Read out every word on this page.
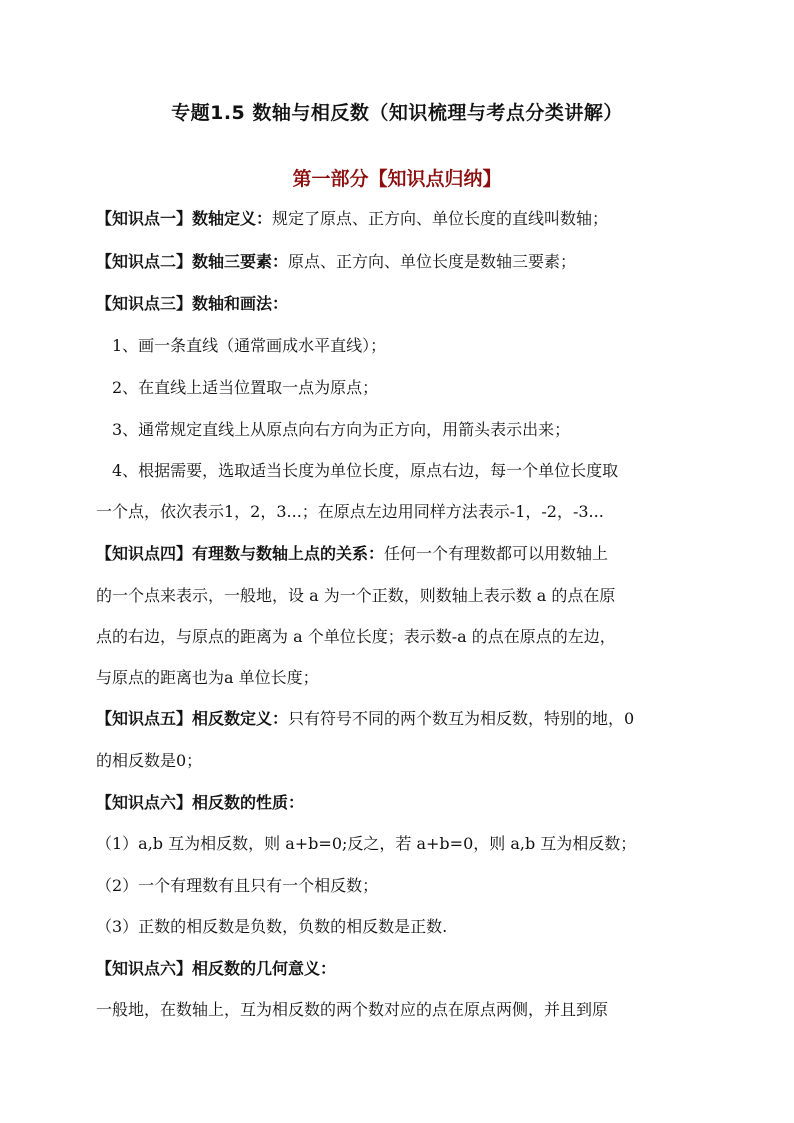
专题1.5 数轴与相反数（知识梳理与考点分类讲解）
第一部分【知识点归纳】
【知识点一】数轴定义：规定了原点、正方向、单位长度的直线叫数轴；
【知识点二】数轴三要素：原点、正方向、单位长度是数轴三要素；
【知识点三】数轴和画法：
1、画一条直线（通常画成水平直线）；
2、在直线上适当位置取一点为原点；
3、通常规定直线上从原点向右方向为正方向，用箭头表示出来；
4、根据需要，选取适当长度为单位长度，原点右边，每一个单位长度取
一个点，依次表示1，2，3...；在原点左边用同样方法表示-1，-2，-3...
【知识点四】有理数与数轴上点的关系：任何一个有理数都可以用数轴上
的一个点来表示，一般地，设 a 为一个正数，则数轴上表示数 a 的点在原
点的右边，与原点的距离为 a 个单位长度；表示数-a 的点在原点的左边，
与原点的距离也为a 单位长度；
【知识点五】相反数定义：只有符号不同的两个数互为相反数，特别的地，0
的相反数是0；
【知识点六】相反数的性质：
（1）a,b 互为相反数，则 a+b=0;反之，若 a+b=0，则 a,b 互为相反数；
（2）一个有理数有且只有一个相反数；
（3）正数的相反数是负数，负数的相反数是正数.
【知识点六】相反数的几何意义：
一般地，在数轴上，互为相反数的两个数对应的点在原点两侧，并且到原
